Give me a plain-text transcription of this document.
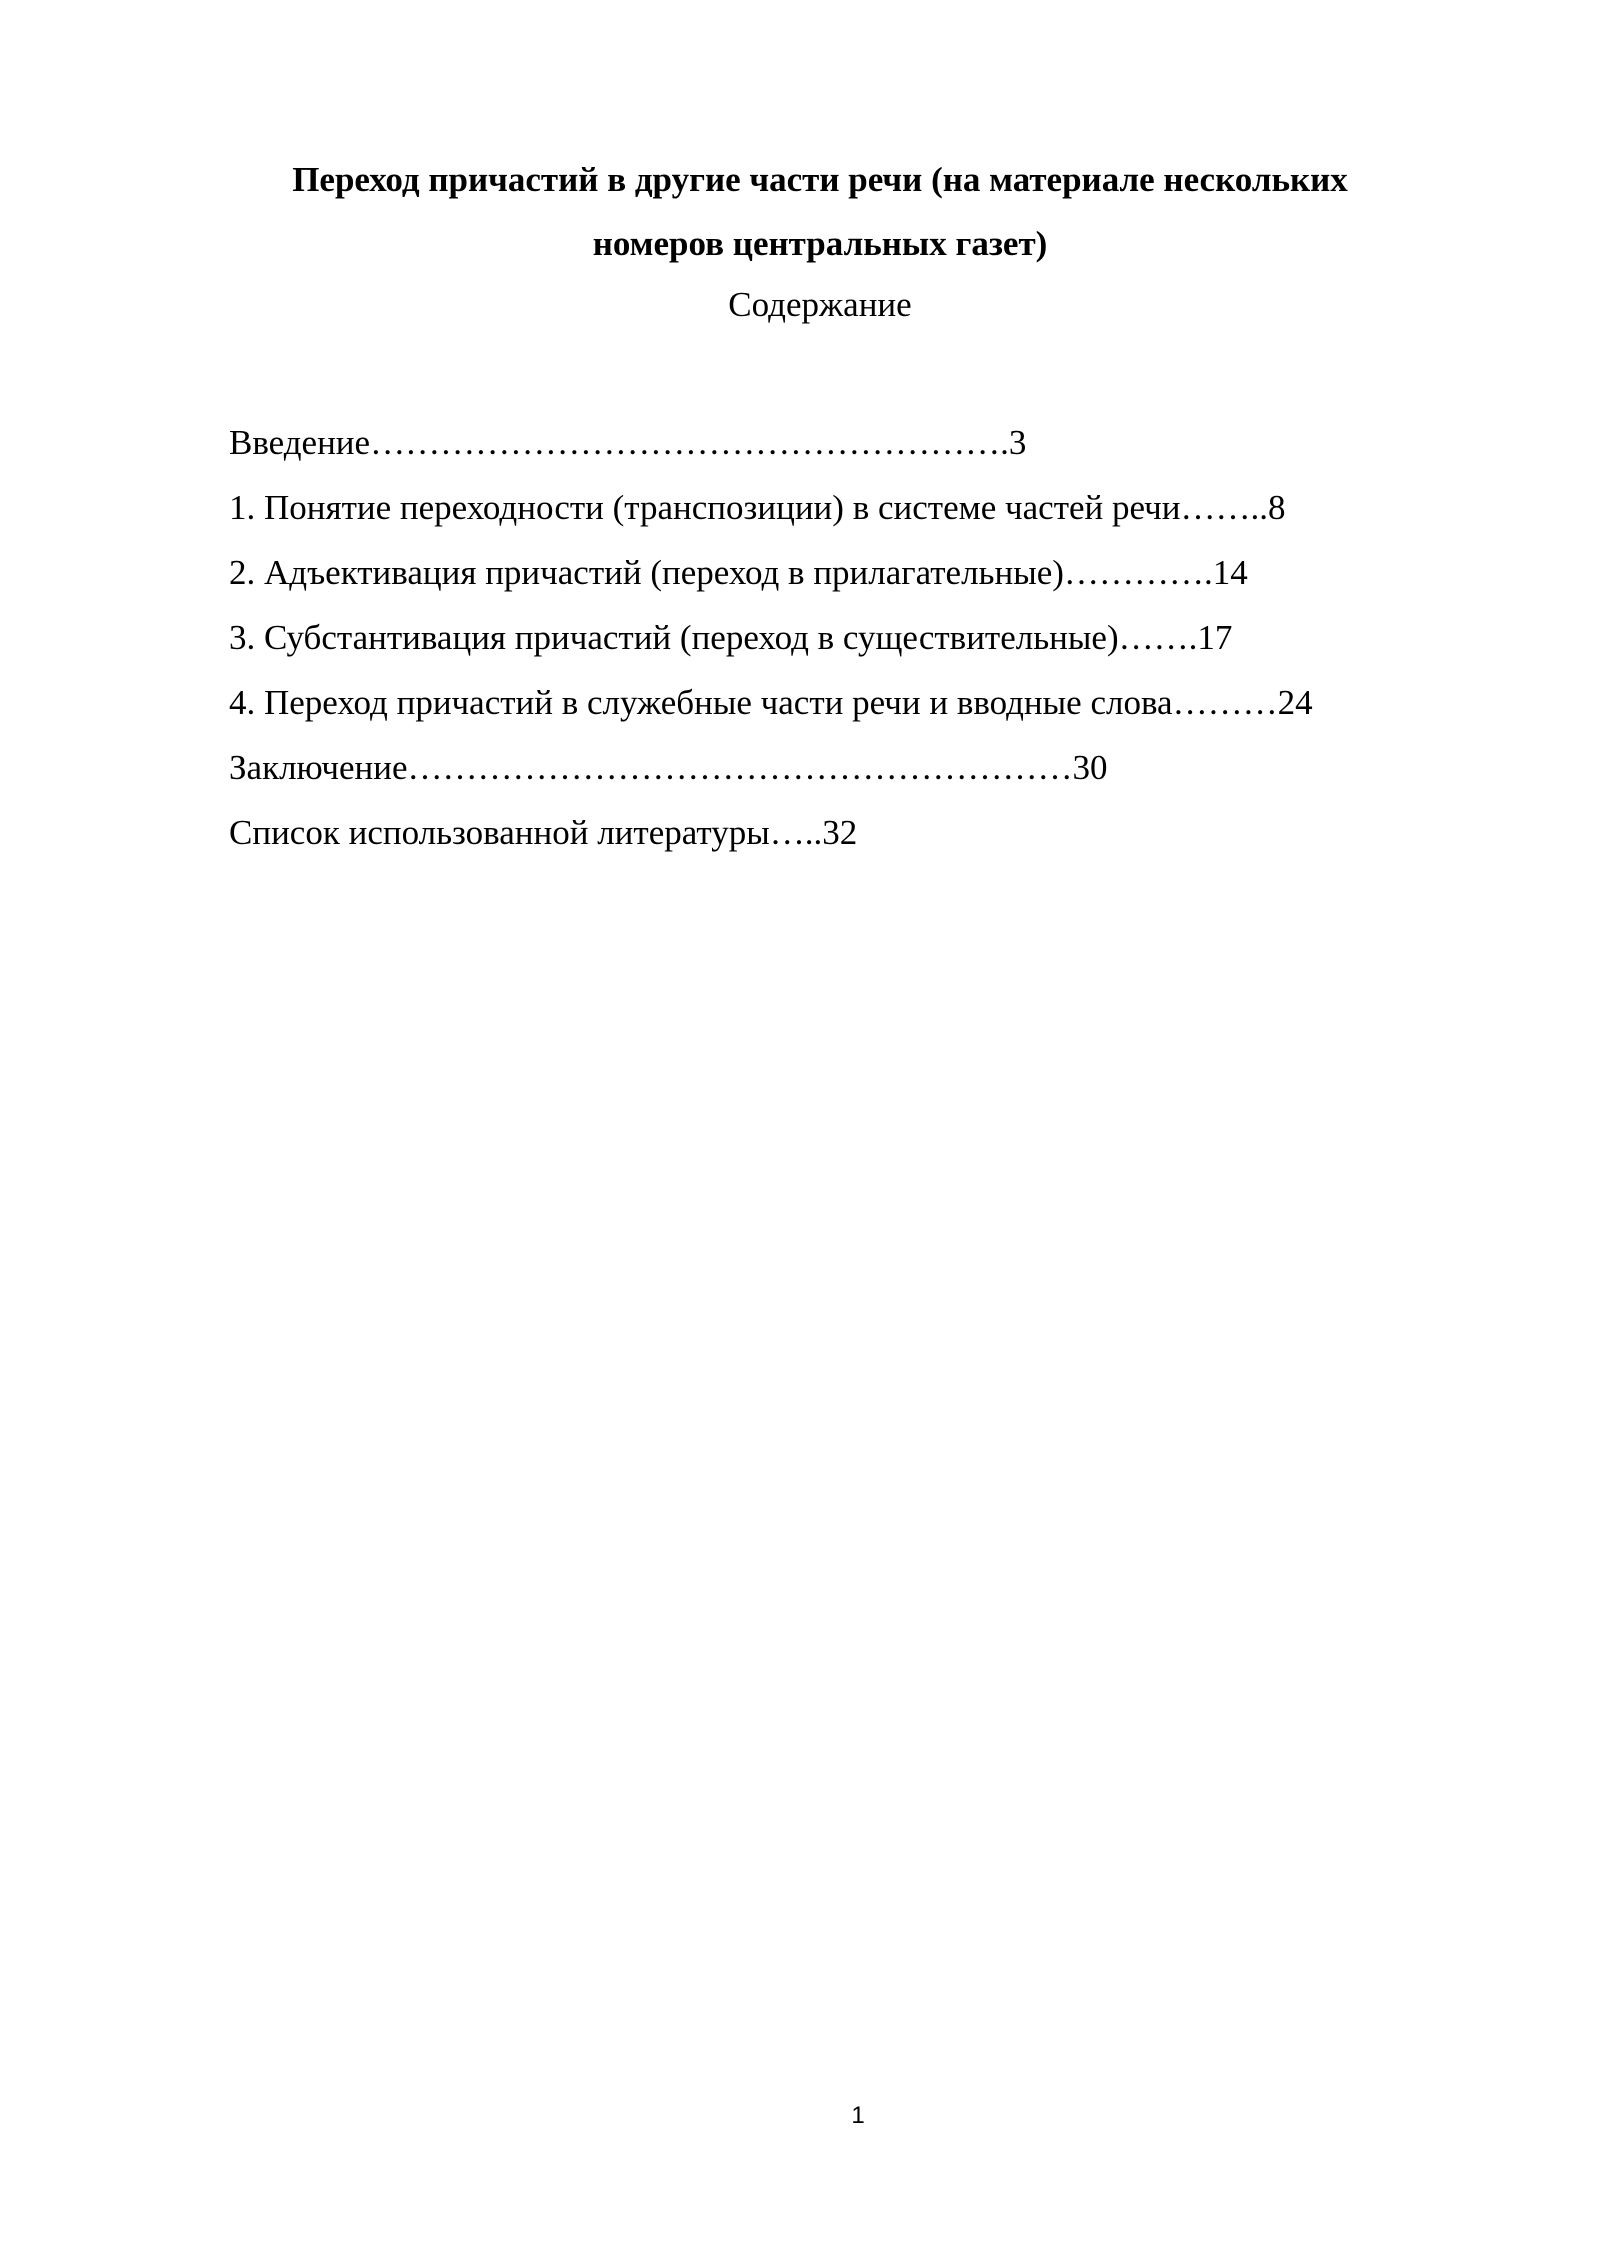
Переход причастий в другие части речи (на материале нескольких
номеров центральных газет)
Содержание
Введение……………………………………………….3
1. Понятие переходности (транспозиции) в системе частей речи……..8
2. Адъективация причастий (переход в прилагательные)………….14
3. Субстантивация причастий (переход в существительные)…….17
4. Переход причастий в служебные части речи и вводные слова………24
Заключение…………………………………………………30
Список использованной литературы…..32
1
